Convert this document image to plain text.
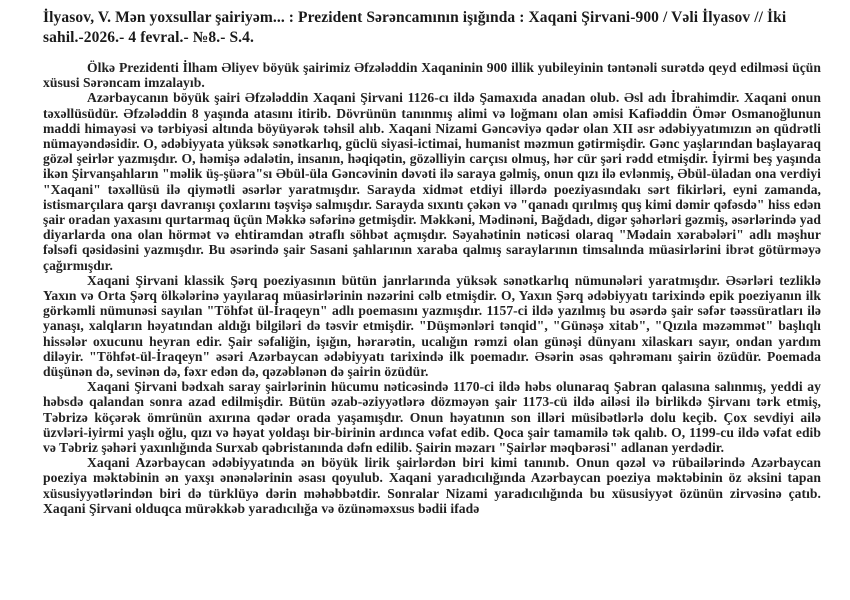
İlyasov, V. Mən yoxsullar şairiyəm... : Prezident Sərəncamının işığında : Xaqani Şirvani-900 / Vəli İlyasov // İki sahil.-2026.- 4 fevral.- №8.- S.4.

Ölkə Prezidenti İlham Əliyev böyük şairimiz Əfzələddin Xaqaninin 900 illik yubileyinin təntənəli surətdə qeyd edilməsi üçün xüsusi Sərəncam imzalayıb.

Azərbaycanın böyük şairi Əfzələddin Xaqani Şirvani 1126-cı ildə Şamaxıda anadan olub. Əsl adı İbrahimdir. Xaqani onun təxəllüsüdür. Əfzələddin 8 yaşında atasını itirib. Dövrünün tanınmış alimi və loğmanı olan əmisi Kafiəddin Ömər Osmanoğlunun maddi himayəsi və tərbiyəsi altında böyüyərək təhsil alıb. Xaqani Nizami Gəncəviyə qədər olan XII əsr ədəbiyyatımızın ən qüdrətli nümayəndəsidir. O, ədəbiyyata yüksək sənətkarlıq, güclü siyasi-ictimai, humanist məzmun gətirmişdir. Gənc yaşlarından başlayaraq gözəl şeirlər yazmışdır. O, həmişə ədalətin, insanın, həqiqətin, gözəlliyin carçısı olmuş, hər cür şəri rədd etmişdir. İyirmi beş yaşında ikən Şirvanşahların "məlik üş-şüəra"sı Əbül-üla Gəncəvinin dəvəti ilə saraya gəlmiş, onun qızı ilə evlənmiş, Əbül-üladan ona verdiyi "Xaqani" təxəllüsü ilə qiymətli əsərlər yaratmışdır. Sarayda xidmət etdiyi illərdə poeziyasındakı sərt fikirləri, eyni zamanda, istismarçılara qarşı davranışı çoxlarını təşvişə salmışdır. Sarayda sıxıntı çəkən və "qanadı qırılmış quş kimi dəmir qəfəsdə" hiss edən şair oradan yaxasını qurtarmaq üçün Məkkə səfərinə getmişdir. Məkkəni, Mədinəni, Bağdadı, digər şəhərləri gəzmiş, əsərlərində yad diyarlarda ona olan hörmət və ehtiramdan ətraflı söhbət açmışdır. Səyahətinin nəticəsi olaraq "Mədain xərabələri" adlı məşhur fəlsəfi qəsidəsini yazmışdır. Bu əsərində şair Sasani şahlarının xaraba qalmış saraylarının timsalında müasirlərini ibrət götürməyə çağırmışdır.

Xaqani Şirvani klassik Şərq poeziyasının bütün janrlarında yüksək sənətkarlıq nümunələri yaratmışdır. Əsərləri tezliklə Yaxın və Orta Şərq ölkələrinə yayılaraq müasirlərinin nəzərini cəlb etmişdir. O, Yaxın Şərq ədəbiyyatı tarixində epik poeziyanın ilk görkəmli nümunəsi sayılan "Töhfət ül-İraqeyn" adlı poemasını yazmışdır. 1157-ci ildə yazılmış bu əsərdə şair səfər təəssüratları ilə yanaşı, xalqların həyatından aldığı bilgiləri də təsvir etmişdir. "Düşmənləri tənqid", "Günəşə xitab", "Qızıla məzəmmət" başlıqlı hissələr oxucunu heyran edir. Şair səfaliğin, işığın, hərarətin, ucalığın rəmzi olan günəşi dünyanı xilaskarı sayır, ondan yardım diləyir. "Töhfət-ül-İraqeyn" əsəri Azərbaycan ədəbiyyatı tarixində ilk poemadır. Əsərin əsas qəhrəmanı şairin özüdür. Poemada düşünən də, sevinən də, fəxr edən də, qəzəblənən də şairin özüdür.

Xaqani Şirvani bədxah saray şairlərinin hücumu nəticəsində 1170-ci ildə həbs olunaraq Şabran qalasına salınmış, yeddi ay həbsdə qalandan sonra azad edilmişdir. Bütün əzab-əziyyətlərə dözməyən şair 1173-cü ildə ailəsi ilə birlikdə Şirvanı tərk etmiş, Təbrizə köçərək ömrünün axırına qədər orada yaşamışdır. Onun həyatının son illəri müsibətlərlə dolu keçib. Çox sevdiyi ailə üzvləri-iyirmi yaşlı oğlu, qızı və həyat yoldaşı bir-birinin ardınca vəfat edib. Qoca şair tamamilə tək qalıb. O, 1199-cu ildə vəfat edib və Təbriz şəhəri yaxınlığında Surxab qəbristanında dəfn edilib. Şairin məzarı "Şairlər məqbərəsi" adlanan yerdədir.

Xaqani Azərbaycan ədəbiyyatında ən böyük lirik şairlərdən biri kimi tanınıb. Onun qəzəl və rübailərində Azərbaycan poeziya məktəbinin ən yaxşı ənənələrinin əsası qoyulub. Xaqani yaradıcılığında Azərbaycan poeziya məktəbinin öz əksini tapan xüsusiyyətlərindən biri də türklüyə dərin məhəbbətdir. Sonralar Nizami yaradıcılığında bu xüsusiyyət özünün zirvəsinə çatıb. Xaqani Şirvani olduqca mürəkkəb yaradıcılığa və özünəməxsus bədii ifadə
